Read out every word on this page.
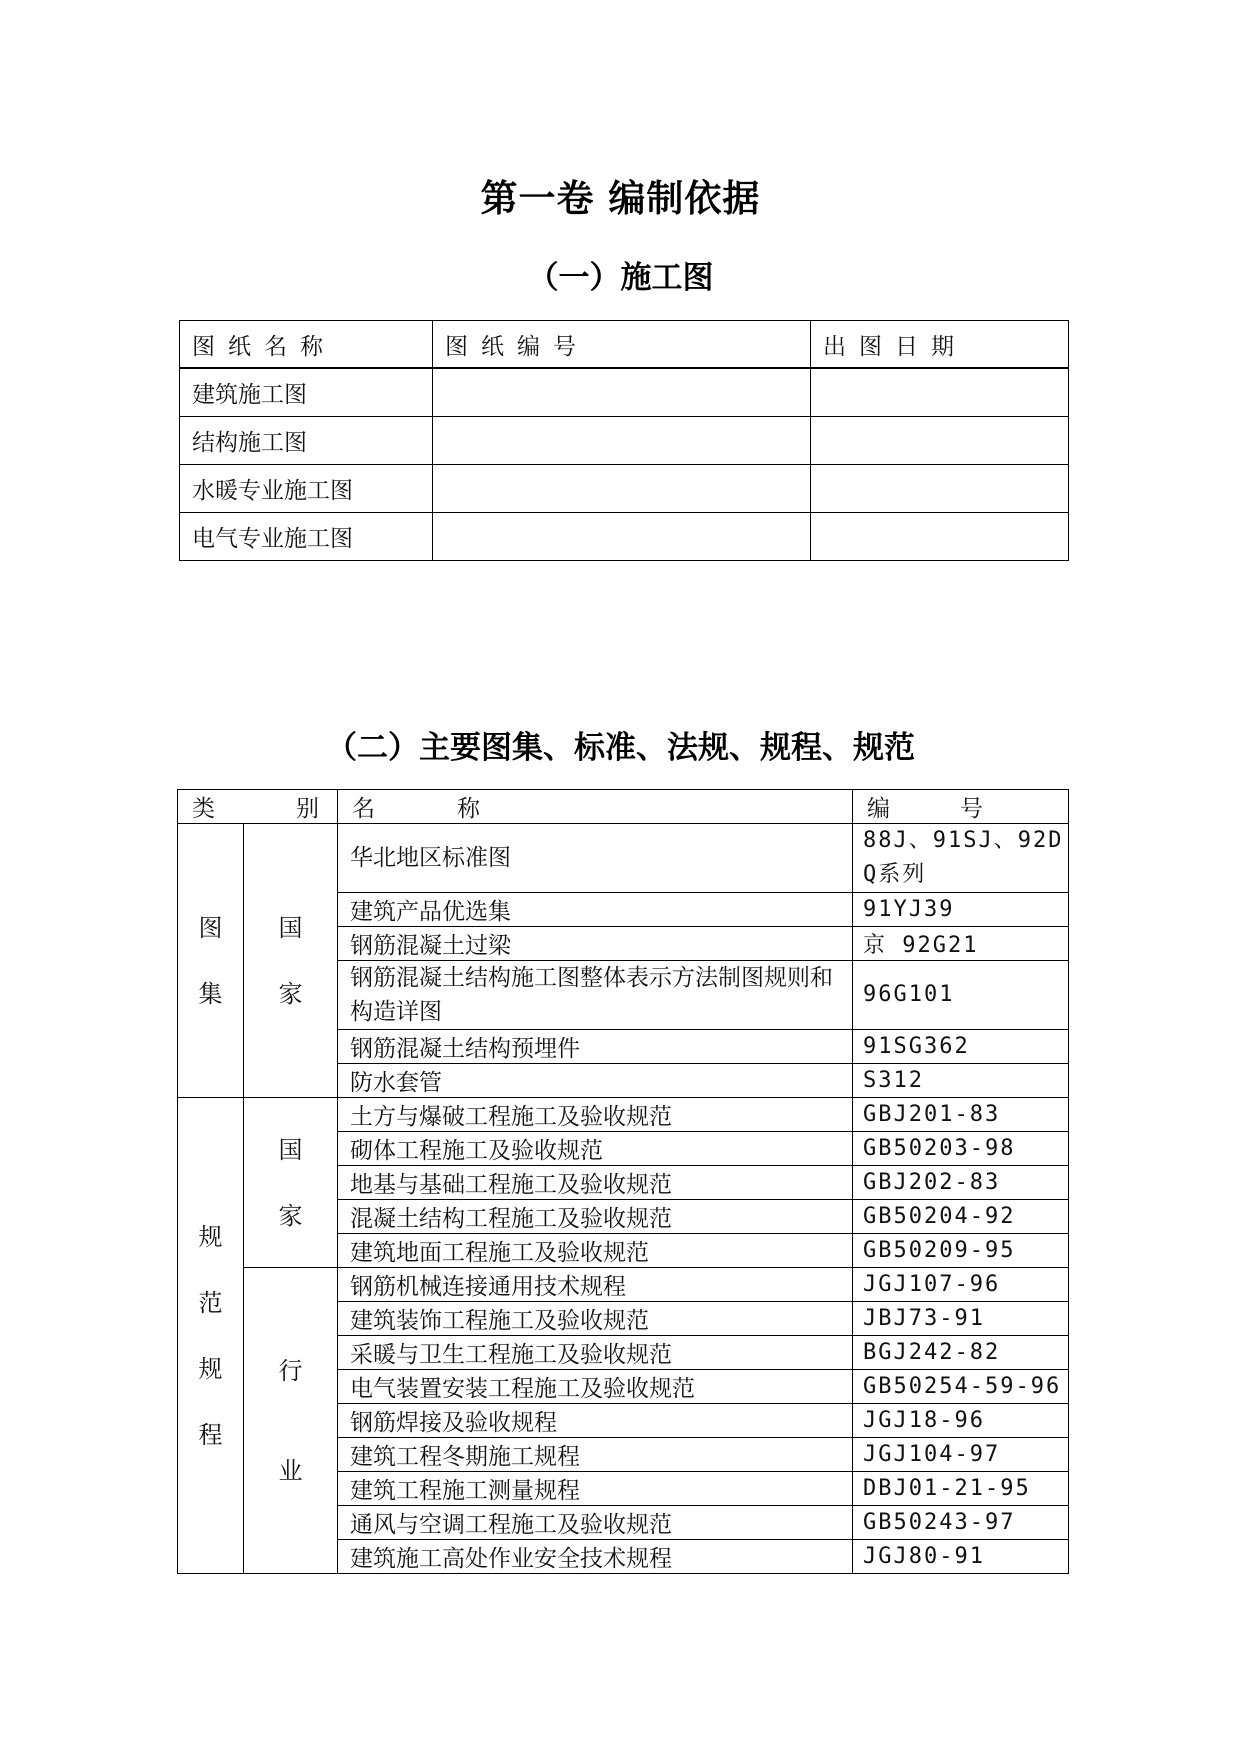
第一卷 编制依据
（一）施工图
图纸名称	图纸编号	出图日期
建筑施工图		
结构施工图		
水暖专业施工图		
电气专业施工图		
（二）主要图集、标准、法规、规程、规范
类 别		名 称	编 号

图集	国家	华北地区标准图	88J、91SJ、92DQ系列
		建筑产品优选集	91YJ39
		钢筋混凝土过梁	京 92G21
		钢筋混凝土结构施工图整体表示方法制图规则和构造详图	96G101
		钢筋混凝土结构预埋件	91SG362
		防水套管	S312

规范规程	国家	土方与爆破工程施工及验收规范	GBJ201-83
		砌体工程施工及验收规范	GB50203-98
		地基与基础工程施工及验收规范	GBJ202-83
		混凝土结构工程施工及验收规范	GB50204-92
		建筑地面工程施工及验收规范	GB50209-95

	行业	钢筋机械连接通用技术规程	JGJ107-96
		建筑装饰工程施工及验收规范	JBJ73-91
		采暖与卫生工程施工及验收规范	BGJ242-82
		电气装置安装工程施工及验收规范	GB50254-59-96
		钢筋焊接及验收规程	JGJ18-96
		建筑工程冬期施工规程	JGJ104-97
		建筑工程施工测量规程	DBJ01-21-95
		通风与空调工程施工及验收规范	GB50243-97
		建筑施工高处作业安全技术规程	JGJ80-91
